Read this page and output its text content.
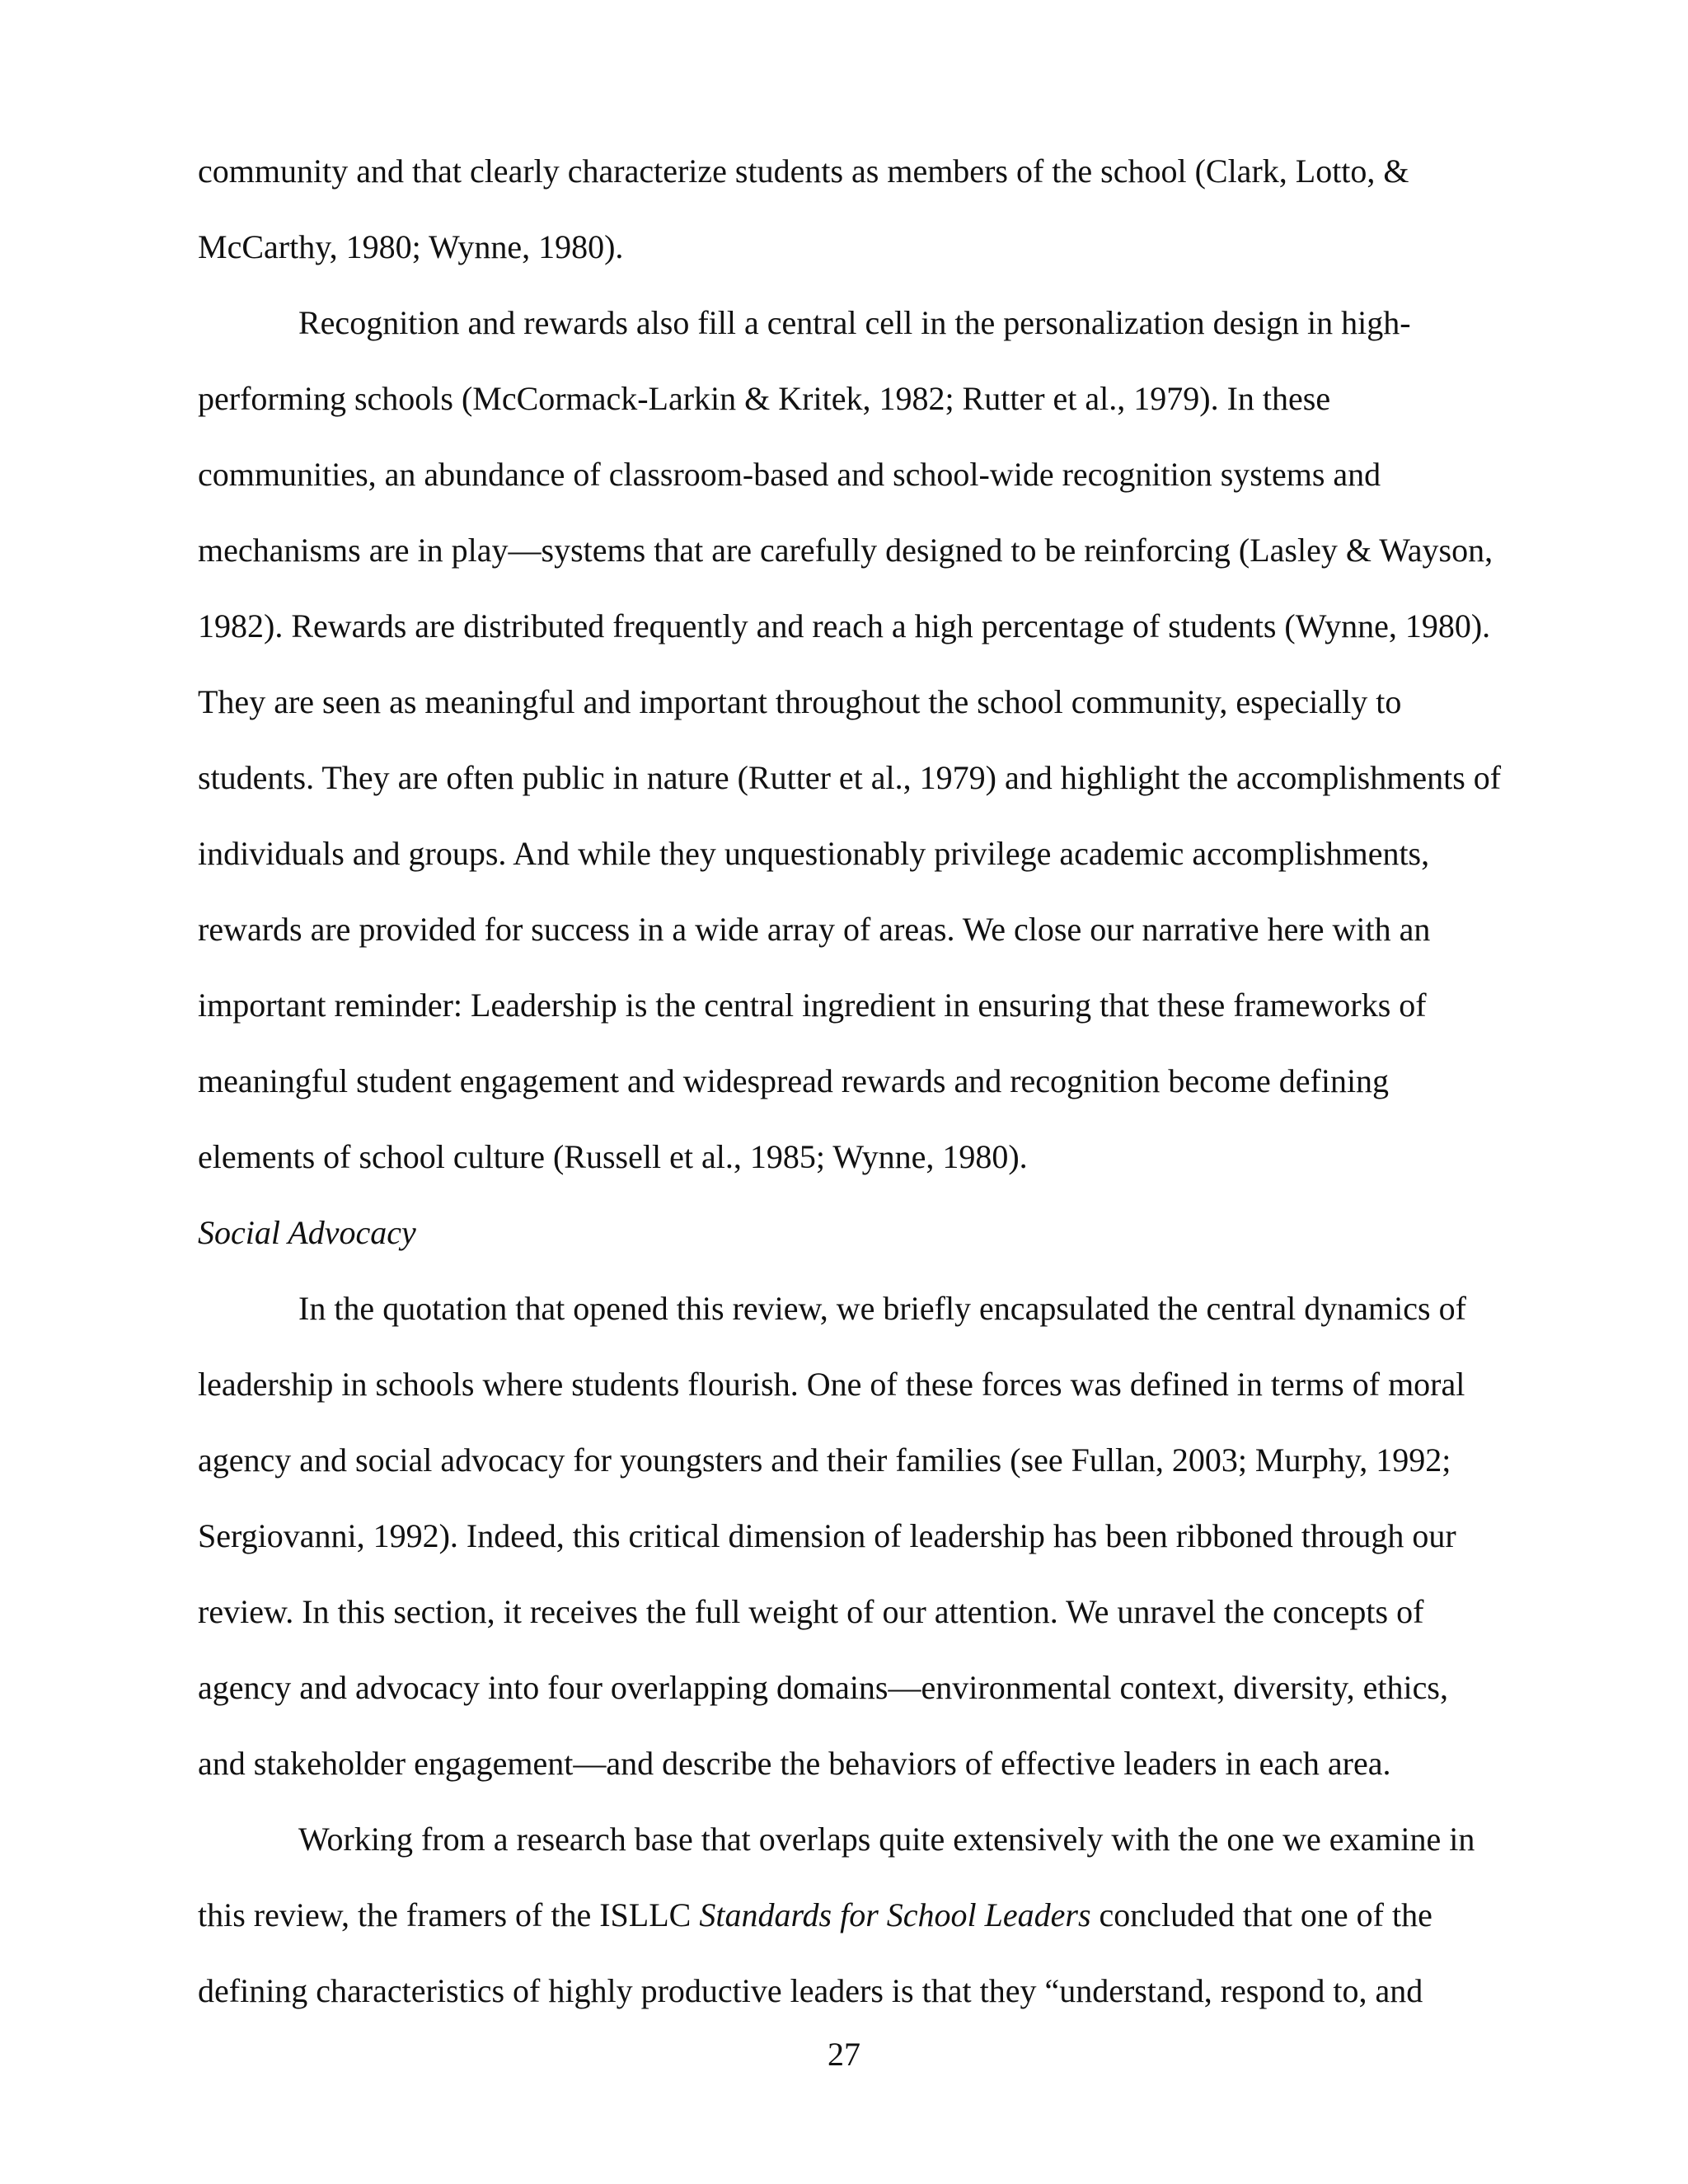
community and that clearly characterize students as members of the school (Clark, Lotto, &
McCarthy, 1980; Wynne, 1980).
Recognition and rewards also fill a central cell in the personalization design in high-
performing schools (McCormack-Larkin & Kritek, 1982; Rutter et al., 1979). In these
communities, an abundance of classroom-based and school-wide recognition systems and
mechanisms are in play—systems that are carefully designed to be reinforcing (Lasley & Wayson,
1982). Rewards are distributed frequently and reach a high percentage of students (Wynne, 1980).
They are seen as meaningful and important throughout the school community, especially to
students. They are often public in nature (Rutter et al., 1979) and highlight the accomplishments of
individuals and groups. And while they unquestionably privilege academic accomplishments,
rewards are provided for success in a wide array of areas. We close our narrative here with an
important reminder: Leadership is the central ingredient in ensuring that these frameworks of
meaningful student engagement and widespread rewards and recognition become defining
elements of school culture (Russell et al., 1985; Wynne, 1980).
Social Advocacy
In the quotation that opened this review, we briefly encapsulated the central dynamics of
leadership in schools where students flourish. One of these forces was defined in terms of moral
agency and social advocacy for youngsters and their families (see Fullan, 2003; Murphy, 1992;
Sergiovanni, 1992). Indeed, this critical dimension of leadership has been ribboned through our
review. In this section, it receives the full weight of our attention. We unravel the concepts of
agency and advocacy into four overlapping domains—environmental context, diversity, ethics,
and stakeholder engagement—and describe the behaviors of effective leaders in each area.
Working from a research base that overlaps quite extensively with the one we examine in
this review, the framers of the ISLLC Standards for School Leaders concluded that one of the
defining characteristics of highly productive leaders is that they “understand, respond to, and
27
